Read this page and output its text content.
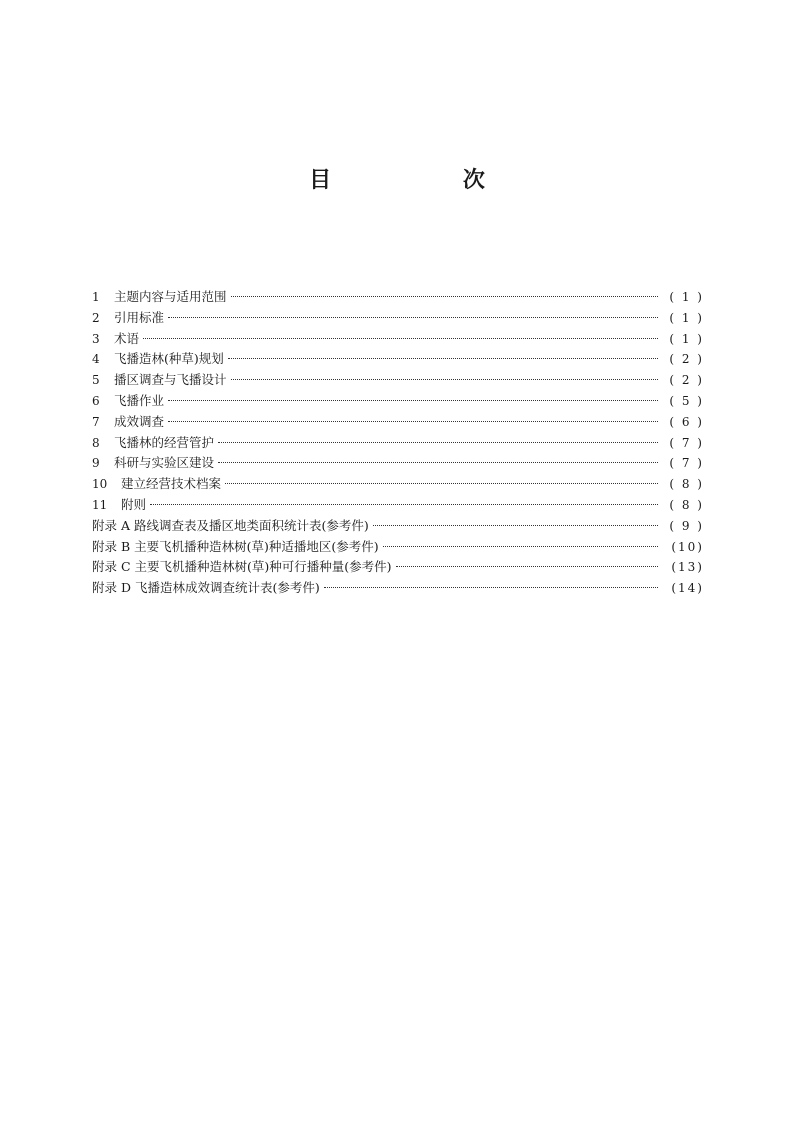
目 次
1	主题内容与适用范围	( 1 )
2	引用标准	( 1 )
3	术语	( 1 )
4	飞播造林(种草)规划	( 2 )
5	播区调查与飞播设计	( 2 )
6	飞播作业	( 5 )
7	成效调查	( 6 )
8	飞播林的经营管护	( 7 )
9	科研与实验区建设	( 7 )
10	建立经营技术档案	( 8 )
11	附则	( 8 )
附录 A 路线调查表及播区地类面积统计表(参考件)	( 9 )
附录 B 主要飞机播种造林树(草)种适播地区(参考件)	(10)
附录 C 主要飞机播种造林树(草)种可行播种量(参考件)	(13)
附录 D 飞播造林成效调查统计表(参考件)	(14)
